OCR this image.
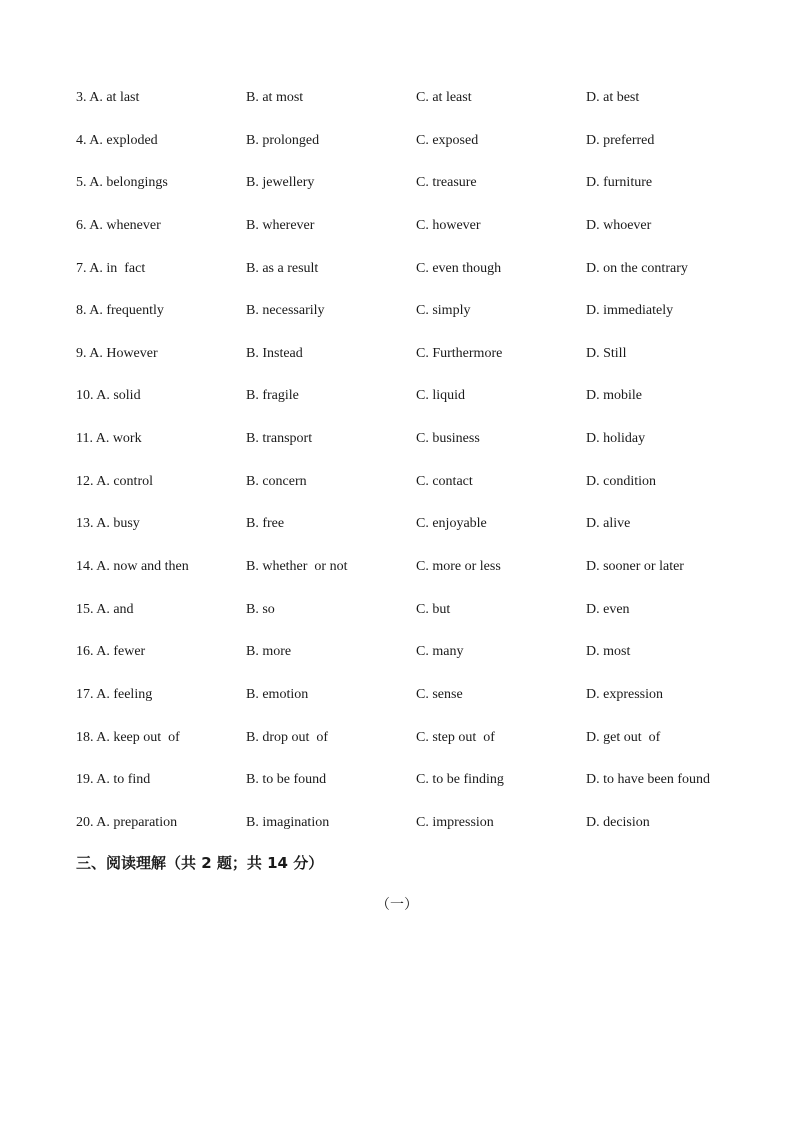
3. A. at last	B. at most	C. at least	D. at best
4. A. exploded	B. prolonged	C. exposed	D. preferred
5. A. belongings	B. jewellery	C. treasure	D. furniture
6. A. whenever	B. wherever	C. however	D. whoever
7. A. in  fact	B. as a result	C. even though	D. on the contrary
8. A. frequently	B. necessarily	C. simply	D. immediately
9. A. However	B. Instead	C. Furthermore	D. Still
10. A. solid	B. fragile	C. liquid	D. mobile
11. A. work	B. transport	C. business	D. holiday
12. A. control	B. concern	C. contact	D. condition
13. A. busy	B. free	C. enjoyable	D. alive
14. A. now and then	B. whether  or not	C. more or less	D. sooner or later
15. A. and	B. so	C. but	D. even
16. A. fewer	B. more	C. many	D. most
17. A. feeling	B. emotion	C. sense	D. expression
18. A. keep out  of	B. drop out  of	C. step out  of	D. get out  of
19. A. to find	B. to be found	C. to be finding	D. to have been found
20. A. preparation	B. imagination	C. impression	D. decision
三、阅读理解（共 2 题；共 14 分）
（一）
